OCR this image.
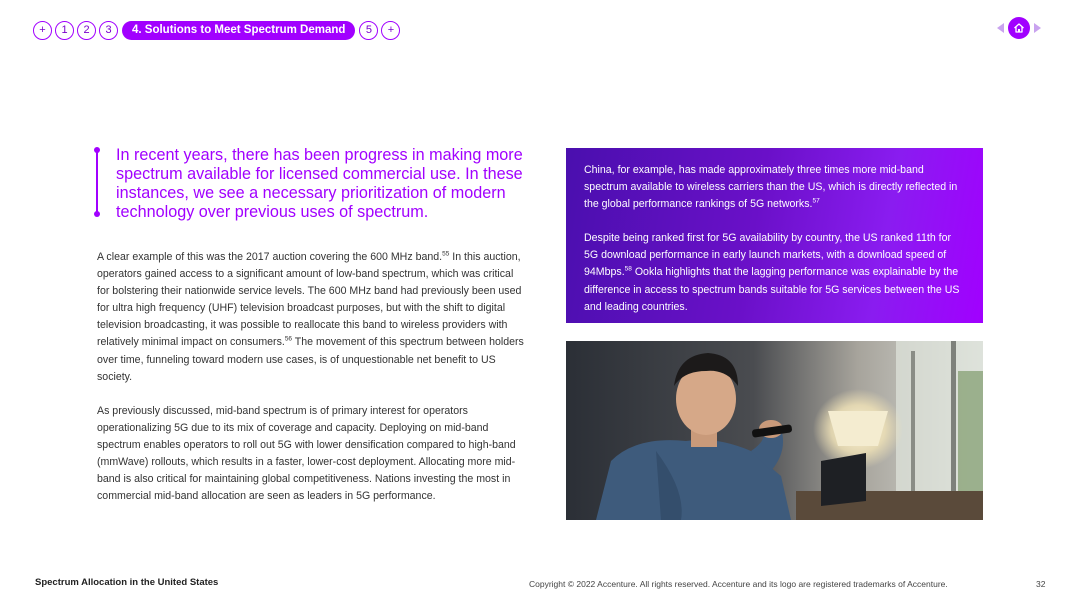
+	1	2	3	4. Solutions to Meet Spectrum Demand	5	+
In recent years, there has been progress in making more spectrum available for licensed commercial use. In these instances, we see a necessary prioritization of modern technology over previous uses of spectrum.

A clear example of this was the 2017 auction covering the 600 MHz band.$^{55}$ In this auction, operators gained access to a significant amount of low-band spectrum, which was critical for bolstering their nationwide service levels. The 600 MHz band had previously been used for ultra high frequency (UHF) television broadcast purposes, but with the shift to digital television broadcasting, it was possible to reallocate this band to wireless providers with relatively minimal impact on consumers.$^{56}$ The movement of this spectrum between holders over time, funneling toward modern use cases, is of unquestionable net benefit to US society.

As previously discussed, mid-band spectrum is of primary interest for operators operationalizing 5G due to its mix of coverage and capacity. Deploying on mid-band spectrum enables operators to roll out 5G with lower densification compared to high-band (mmWave) rollouts, which results in a faster, lower-cost deployment. Allocating more mid-band is also critical for maintaining global competitiveness. Nations investing the most in commercial mid-band allocation are seen as leaders in 5G performance.

China, for example, has made approximately three times more mid-band spectrum available to wireless carriers than the US, which is directly reflected in the global performance rankings of 5G networks.$^{57}$

Despite being ranked first for 5G availability by country, the US ranked 11th for 5G download performance in early launch markets, with a download speed of 94Mbps.$^{58}$ Ookla highlights that the lagging performance was explainable by the difference in access to spectrum bands suitable for 5G services between the US and leading countries.

Spectrum Allocation in the United States	Copyright © 2022 Accenture. All rights reserved. Accenture and its logo are registered trademarks of Accenture.	32
